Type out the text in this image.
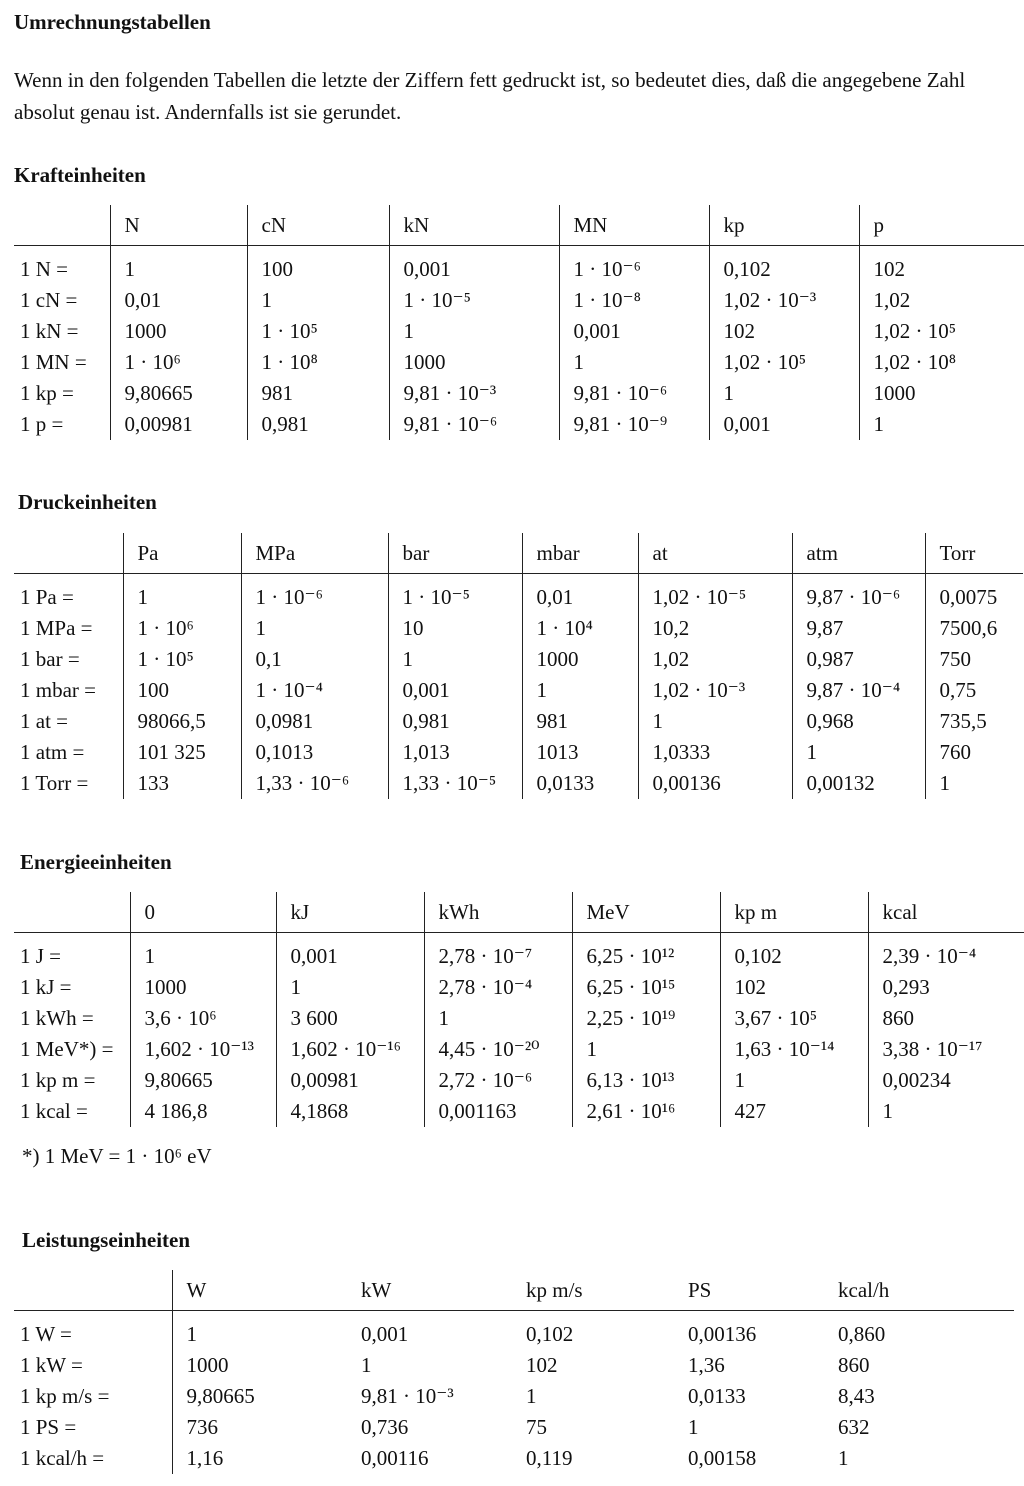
Umrechnungstabellen

Wenn in den folgenden Tabellen die letzte der Ziffern fett gedruckt ist, so bedeutet dies, daß die angegebene Zahl absolut genau ist. Andernfalls ist sie gerundet.

Krafteinheiten
	N	cN	kN	MN	kp	p
1 N =	1	100	0,001	1 · 10⁻⁶	0,102	102
1 cN =	0,01	1	1 · 10⁻⁵	1 · 10⁻⁸	1,02 · 10⁻³	1,02
1 kN =	1000	1 · 10⁵	1	0,001	102	1,02 · 10⁵
1 MN =	1 · 10⁶	1 · 10⁸	1000	1	1,02 · 10⁵	1,02 · 10⁸
1 kp =	9,80665	981	9,81 · 10⁻³	9,81 · 10⁻⁶	1	1000
1 p =	0,00981	0,981	9,81 · 10⁻⁶	9,81 · 10⁻⁹	0,001	1
Druckeinheiten
	Pa	MPa	bar	mbar	at	atm	Torr
1 Pa =	1	1 · 10⁻⁶	1 · 10⁻⁵	0,01	1,02 · 10⁻⁵	9,87 · 10⁻⁶	0,0075
1 MPa =	1 · 10⁶	1	10	1 · 10⁴	10,2	9,87	7500,6
1 bar =	1 · 10⁵	0,1	1	1000	1,02	0,987	750
1 mbar =	100	1 · 10⁻⁴	0,001	1	1,02 · 10⁻³	9,87 · 10⁻⁴	0,75
1 at =	98066,5	0,0981	0,981	981	1	0,968	735,5
1 atm =	101 325	0,1013	1,013	1013	1,0333	1	760
1 Torr =	133	1,33 · 10⁻⁶	1,33 · 10⁻⁵	0,0133	0,00136	0,00132	1
Energieeinheiten
	0	kJ	kWh	MeV	kp m	kcal
1 J =	1	0,001	2,78 · 10⁻⁷	6,25 · 10¹²	0,102	2,39 · 10⁻⁴
1 kJ =	1000	1	2,78 · 10⁻⁴	6,25 · 10¹⁵	102	0,293
1 kWh =	3,6 · 10⁶	3 600	1	2,25 · 10¹⁹	3,67 · 10⁵	860
1 MeV*) =	1,602 · 10⁻¹³	1,602 · 10⁻¹⁶	4,45 · 10⁻²⁰	1	1,63 · 10⁻¹⁴	3,38 · 10⁻¹⁷
1 kp m =	9,80665	0,00981	2,72 · 10⁻⁶	6,13 · 10¹³	1	0,00234
1 kcal =	4 186,8	4,1868	0,001163	2,61 · 10¹⁶	427	1
*) 1 MeV = 1 · 10⁶ eV
Leistungseinheiten
	W	kW	kp m/s	PS	kcal/h
1 W =	1	0,001	0,102	0,00136	0,860
1 kW =	1000	1	102	1,36	860
1 kp m/s =	9,80665	9,81 · 10⁻³	1	0,0133	8,43
1 PS =	736	0,736	75	1	632
1 kcal/h =	1,16	0,00116	0,119	0,00158	1
